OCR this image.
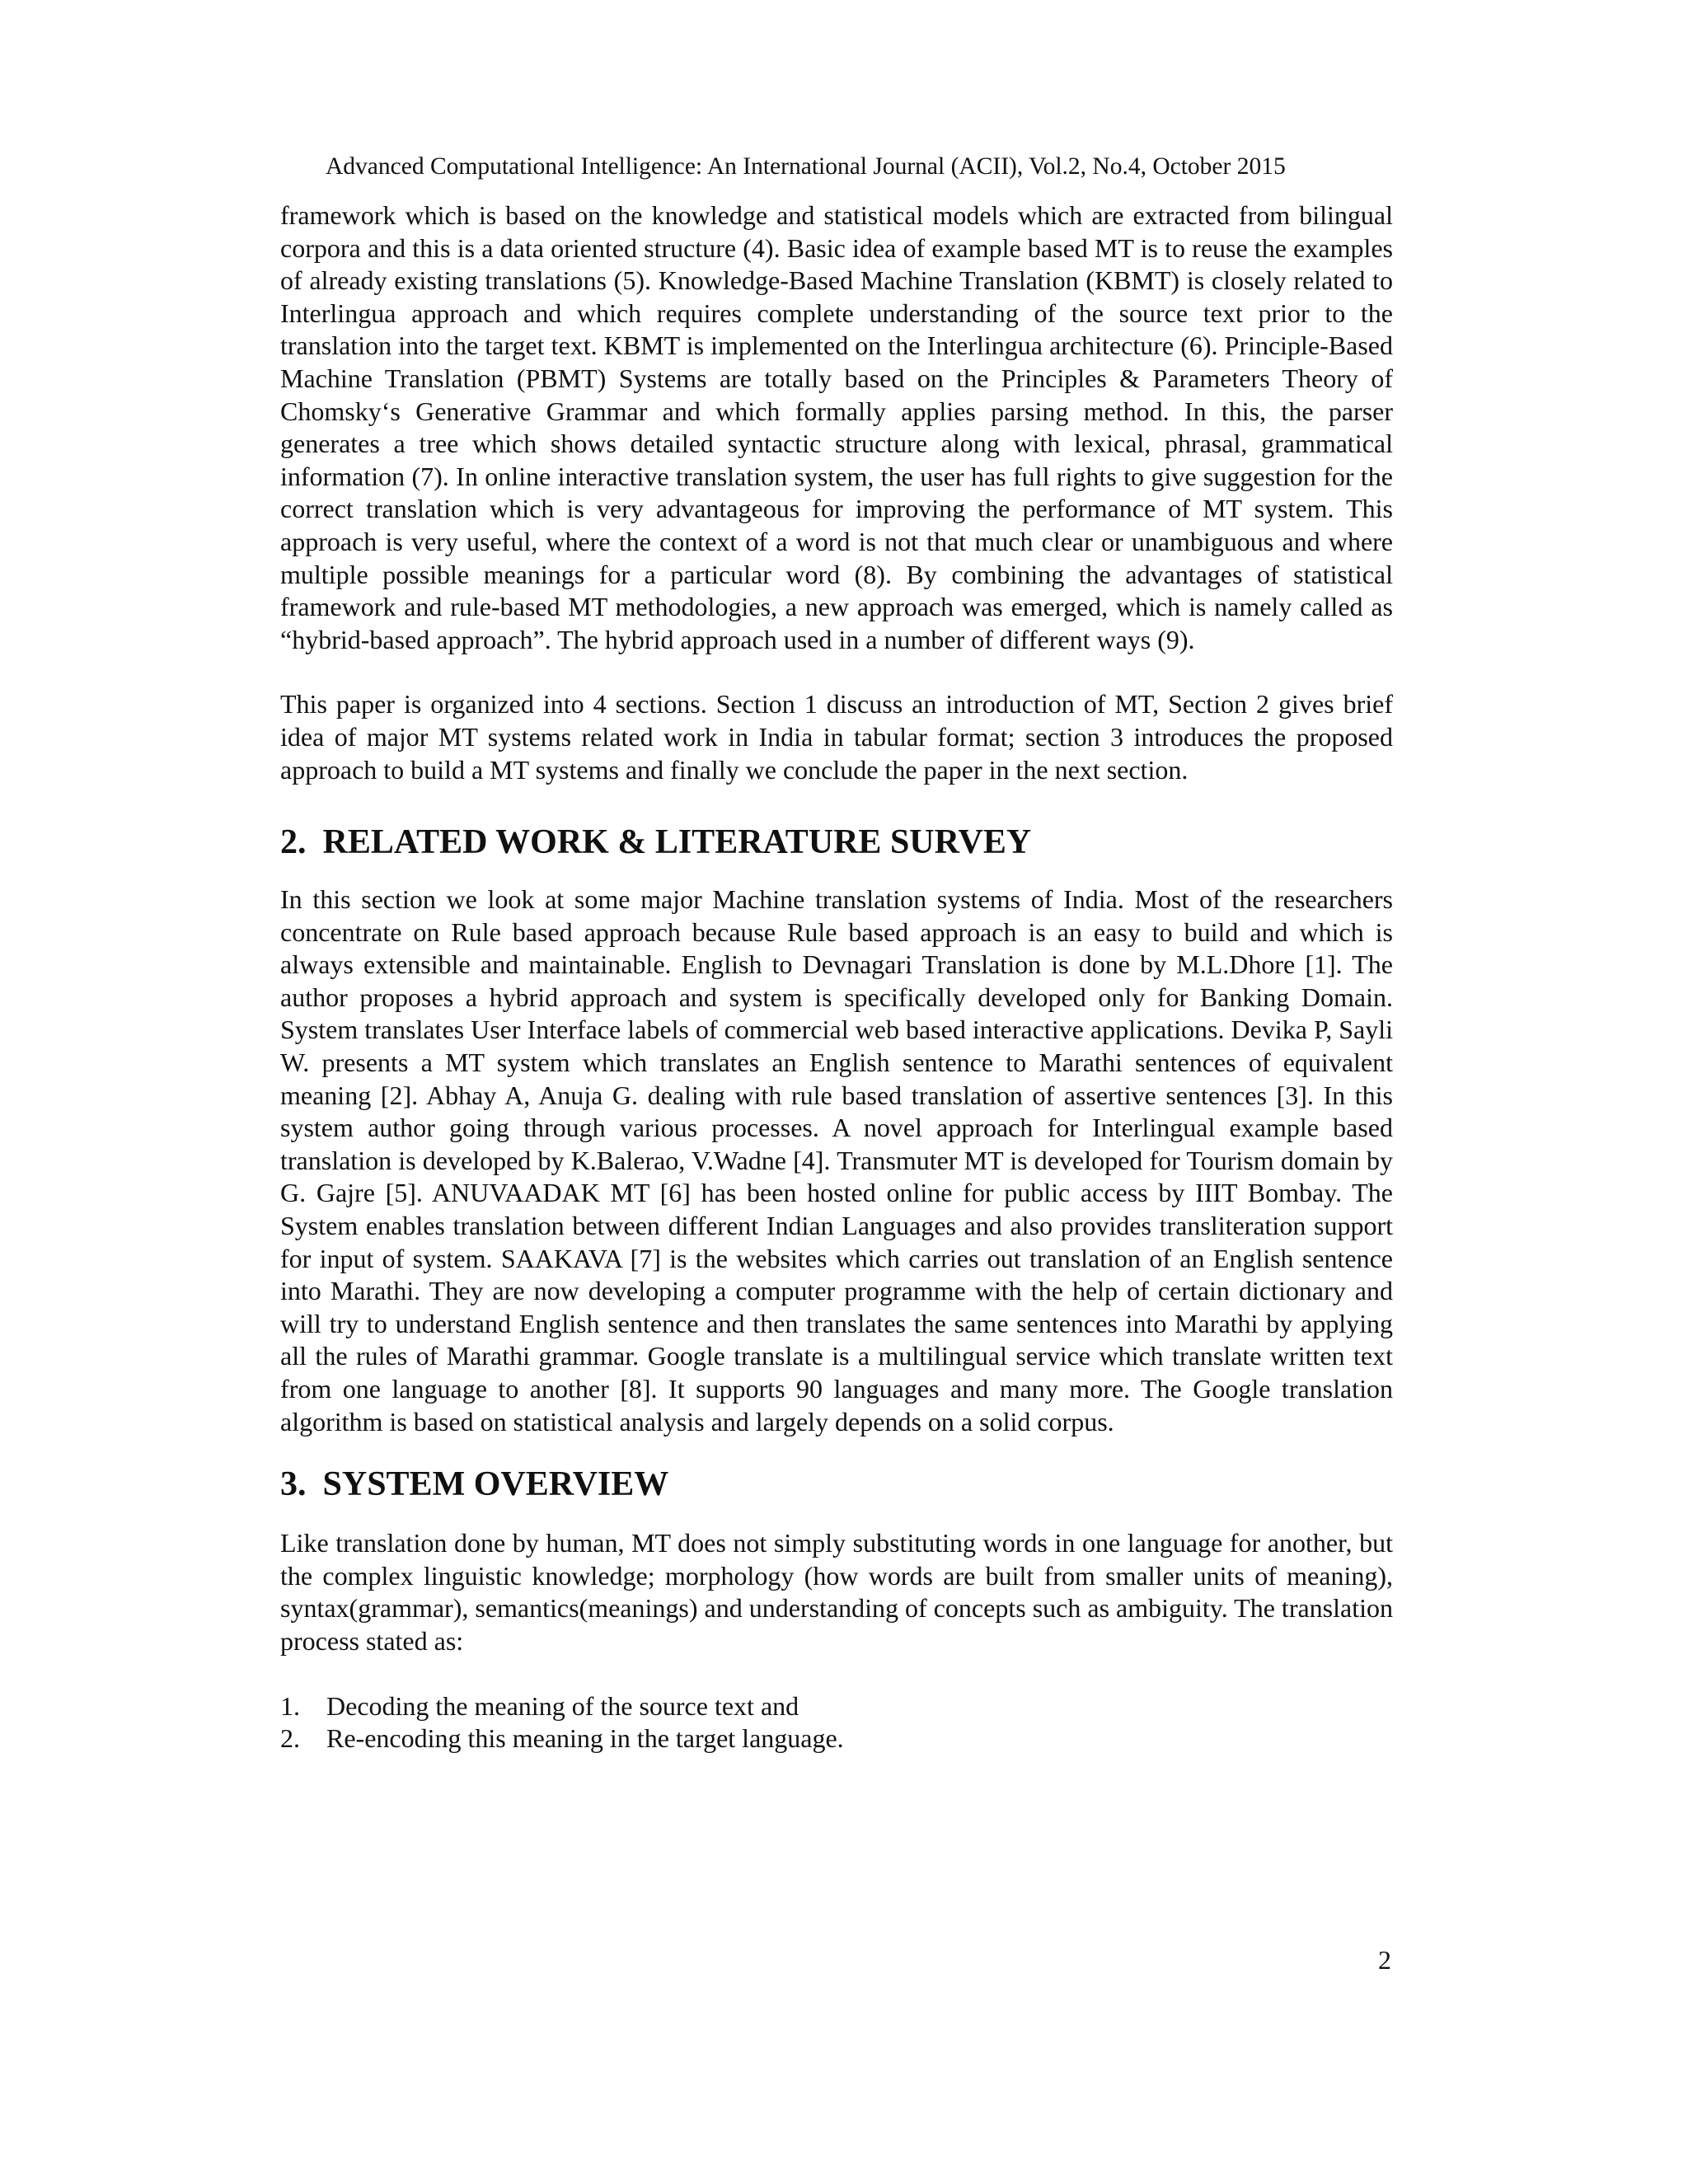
Advanced Computational Intelligence: An International Journal (ACII), Vol.2, No.4, October 2015

framework which is based on the knowledge and statistical models which are extracted from bilingual corpora and this is a data oriented structure (4). Basic idea of example based MT is to reuse the examples of already existing translations (5). Knowledge-Based Machine Translation (KBMT) is closely related to Interlingua approach and which requires complete understanding of the source text prior to the translation into the target text. KBMT is implemented on the Interlingua architecture (6). Principle-Based Machine Translation (PBMT) Systems are totally based on the Principles & Parameters Theory of Chomsky‘s Generative Grammar and which formally applies parsing method. In this, the parser generates a tree which shows detailed syntactic structure along with lexical, phrasal, grammatical information (7). In online interactive translation system, the user has full rights to give suggestion for the correct translation which is very advantageous for improving the performance of MT system. This approach is very useful, where the context of a word is not that much clear or unambiguous and where multiple possible meanings for a particular word (8). By combining the advantages of statistical framework and rule-based MT methodologies, a new approach was emerged, which is namely called as “hybrid-based approach”. The hybrid approach used in a number of different ways (9).

This paper is organized into 4 sections. Section 1 discuss an introduction of MT, Section 2 gives brief idea of major MT systems related work in India in tabular format; section 3 introduces the proposed approach to build a MT systems and finally we conclude the paper in the next section.

2. RELATED WORK & LITERATURE SURVEY

In this section we look at some major Machine translation systems of India. Most of the researchers concentrate on Rule based approach because Rule based approach is an easy to build and which is always extensible and maintainable. English to Devnagari Translation is done by M.L.Dhore [1]. The author proposes a hybrid approach and system is specifically developed only for Banking Domain. System translates User Interface labels of commercial web based interactive applications. Devika P, Sayli W. presents a MT system which translates an English sentence to Marathi sentences of equivalent meaning [2]. Abhay A, Anuja G. dealing with rule based translation of assertive sentences [3]. In this system author going through various processes. A novel approach for Interlingual example based translation is developed by K.Balerao, V.Wadne [4]. Transmuter MT is developed for Tourism domain by G. Gajre [5]. ANUVAADAK MT [6] has been hosted online for public access by IIIT Bombay. The System enables translation between different Indian Languages and also provides transliteration support for input of system. SAAKAVA [7] is the websites which carries out translation of an English sentence into Marathi. They are now developing a computer programme with the help of certain dictionary and will try to understand English sentence and then translates the same sentences into Marathi by applying all the rules of Marathi grammar. Google translate is a multilingual service which translate written text from one language to another [8]. It supports 90 languages and many more. The Google translation algorithm is based on statistical analysis and largely depends on a solid corpus.

3. SYSTEM OVERVIEW

Like translation done by human, MT does not simply substituting words in one language for another, but the complex linguistic knowledge; morphology (how words are built from smaller units of meaning), syntax(grammar), semantics(meanings) and understanding of concepts such as ambiguity. The translation process stated as:

1.	Decoding the meaning of the source text and
2.	Re-encoding this meaning in the target language.
2
